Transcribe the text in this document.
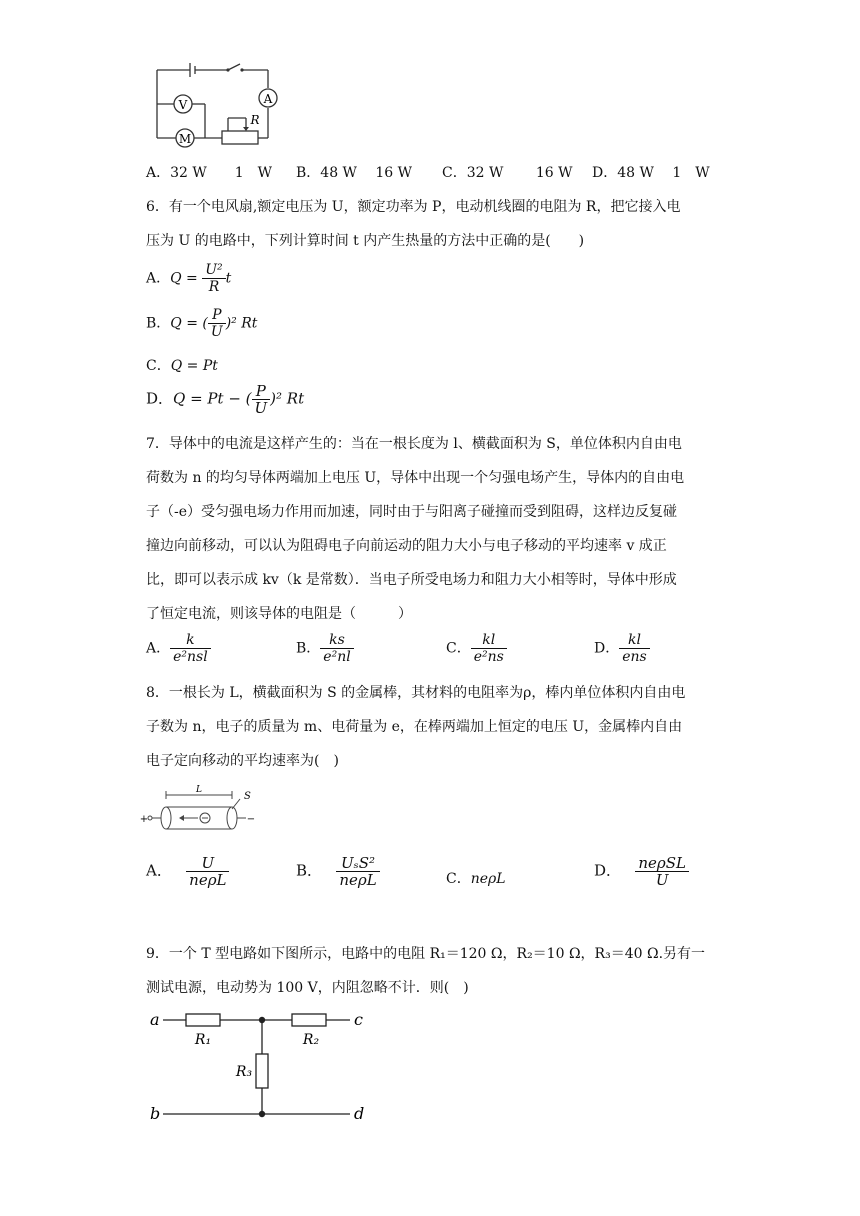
V	A
M
R
A．32 W　　1　W B．48 W　 16 W C．32 W　　 16 W D．48 W　 1　W
6．有一个电风扇,额定电压为 U，额定功率为 P，电动机线圈的电阻为 R，把它接入电
压为 U 的电路中，下列计算时间 t 内产生热量的方法中正确的是(　　)
A．$Q = \frac{\text{U²}}{R}$ t
B．Q = ( $\frac{P}{U} )^2$ Rt
C．Q = Pt
D．Q = Pt − ( $\frac{P}{U} )^2$ Rt
7．导体中的电流是这样产生的：当在一根长度为 l、横截面积为 S，单位体积内自由电
荷数为 n 的均匀导体两端加上电压 U，导体中出现一个匀强电场产生，导体内的自由电
子（-e）受匀强电场力作用而加速，同时由于与阳离子碰撞而受到阻碍，这样边反复碰
撞边向前移动，可以认为阻碍电子向前运动的阻力大小与电子移动的平均速率 v 成正
比，即可以表示成 kv（k 是常数）．当电子所受电场力和阻力大小相等时，导体中形成
了恒定电流，则该导体的电阻是（　　　）
A． $\frac{k}{\text{e²nsl}}$	B． $\frac{ks}{\text{e²nl}}$	C． $\frac{kl}{\text{e²ns}}$	D． $\frac{kl}{\text{ens}}$
8．一根长为 L，横截面积为 S 的金属棒，其材料的电阻率为ρ，棒内单位体积内自由电
子数为 n，电子的质量为 m、电荷量为 e，在棒两端加上恒定的电压 U，金属棒内自由
电子定向移动的平均速率为(　)
L
S
+	−
A． $\frac{U}{\text{neρL}}$	B． $\frac{\text{UₛS²}}{\text{neρL}}$	C．neρL	D． $\frac{\text{neρSL}}{U}$
9．一个 T 型电路如下图所示，电路中的电阻 R₁＝120 Ω，R₂＝10 Ω，R₃＝40 Ω.另有一
测试电源，电动势为 100 V，内阻忽略不计．则(　)
a
b
c
d
R₁	R₂
R₃
